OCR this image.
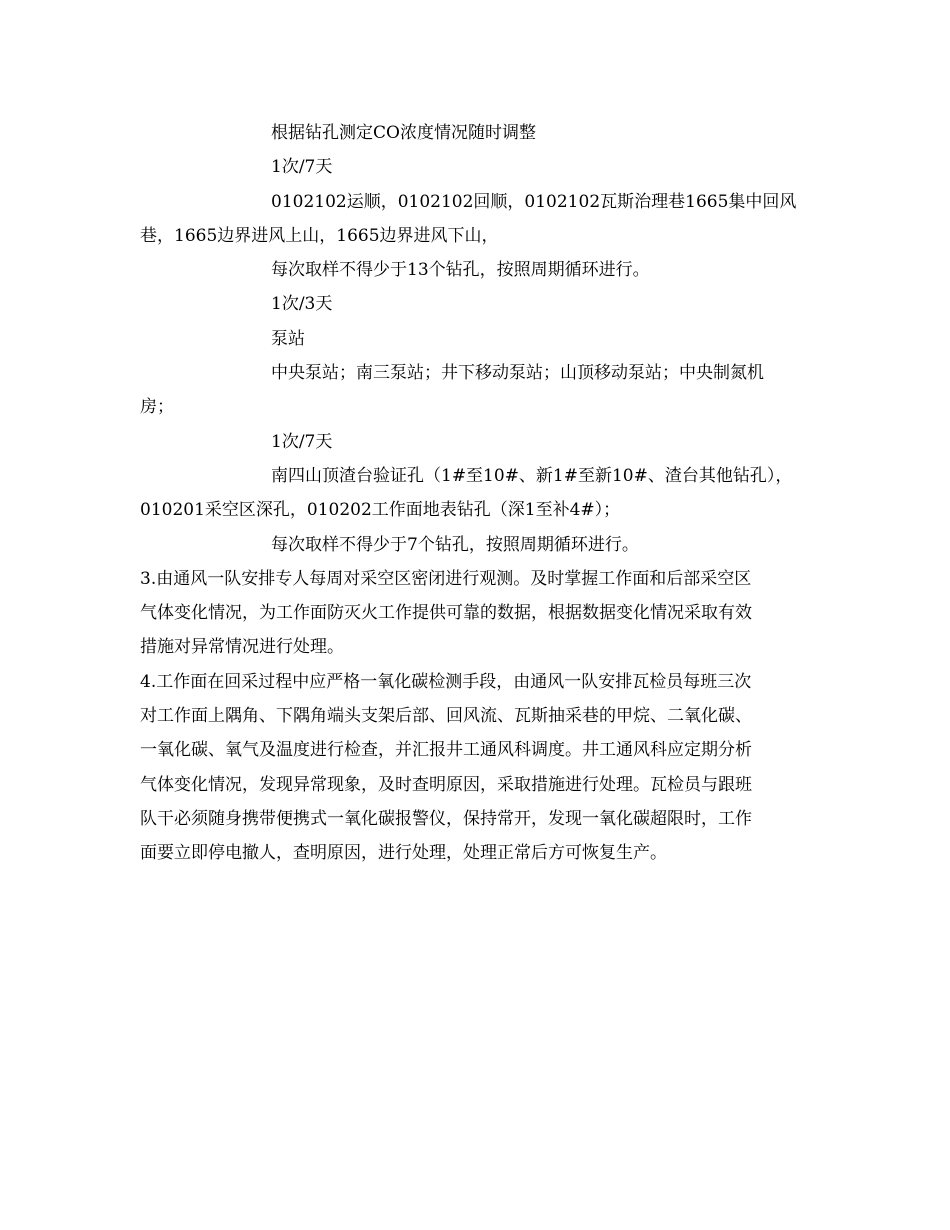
根据钻孔测定CO浓度情况随时调整

1次/7天

0102102运顺，0102102回顺，0102102瓦斯治理巷1665集中回风

巷，1665边界进风上山，1665边界进风下山，

每次取样不得少于13个钻孔，按照周期循环进行。

1次/3天

泵站

中央泵站；南三泵站；井下移动泵站；山顶移动泵站；中央制氮机

房；

1次/7天

南四山顶渣台验证孔（1#至10#、新1#至新10#、渣台其他钻孔），

010201采空区深孔，010202工作面地表钻孔（深1至补4#）；

每次取样不得少于7个钻孔，按照周期循环进行。

3.由通风一队安排专人每周对采空区密闭进行观测。及时掌握工作面和后部采空区

气体变化情况，为工作面防灭火工作提供可靠的数据，根据数据变化情况采取有效

措施对异常情况进行处理。

4.工作面在回采过程中应严格一氧化碳检测手段，由通风一队安排瓦检员每班三次

对工作面上隅角、下隅角端头支架后部、回风流、瓦斯抽采巷的甲烷、二氧化碳、

一氧化碳、氧气及温度进行检查，并汇报井工通风科调度。井工通风科应定期分析

气体变化情况，发现异常现象，及时查明原因，采取措施进行处理。瓦检员与跟班

队干必须随身携带便携式一氧化碳报警仪，保持常开，发现一氧化碳超限时，工作

面要立即停电撤人，查明原因，进行处理，处理正常后方可恢复生产。
